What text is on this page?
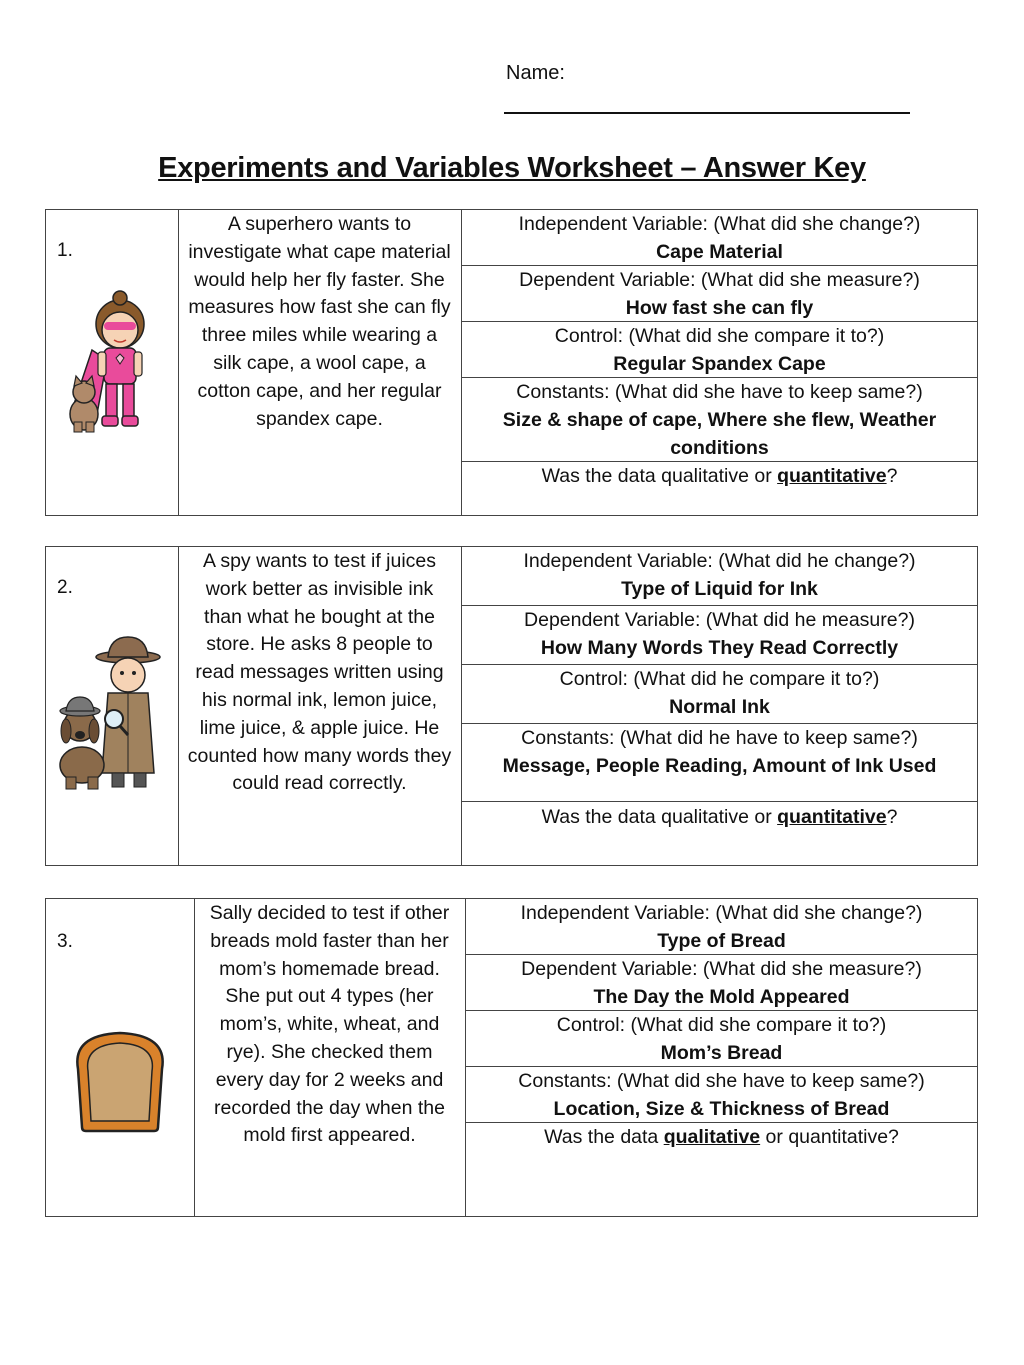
Name:
Experiments and Variables Worksheet – Answer Key
1.
A superhero wants to investigate what cape material would help her fly faster. She measures how fast she can fly three miles while wearing a silk cape, a wool cape, a cotton cape, and her regular spandex cape.
Independent Variable: (What did she change?)
Cape Material
Dependent Variable: (What did she measure?)
How fast she can fly
Control: (What did she compare it to?)
Regular Spandex Cape
Constants: (What did she have to keep same?)
Size & shape of cape, Where she flew, Weather conditions
Was the data qualitative or quantitative?
2.
A spy wants to test if juices work better as invisible ink than what he bought at the store. He asks 8 people to read messages written using his normal ink, lemon juice, lime juice, & apple juice. He counted how many words they could read correctly.
Independent Variable: (What did he change?)
Type of Liquid for Ink
Dependent Variable: (What did he measure?)
How Many Words They Read Correctly
Control: (What did he compare it to?)
Normal Ink
Constants: (What did he have to keep same?)
Message, People Reading, Amount of Ink Used
Was the data qualitative or quantitative?
3.
Sally decided to test if other breads mold faster than her mom’s homemade bread. She put out 4 types (her mom’s, white, wheat, and rye). She checked them every day for 2 weeks and recorded the day when the mold first appeared.
Independent Variable: (What did she change?)
Type of Bread
Dependent Variable: (What did she measure?)
The Day the Mold Appeared
Control: (What did she compare it to?)
Mom’s Bread
Constants: (What did she have to keep same?)
Location, Size & Thickness of Bread
Was the data qualitative or quantitative?
